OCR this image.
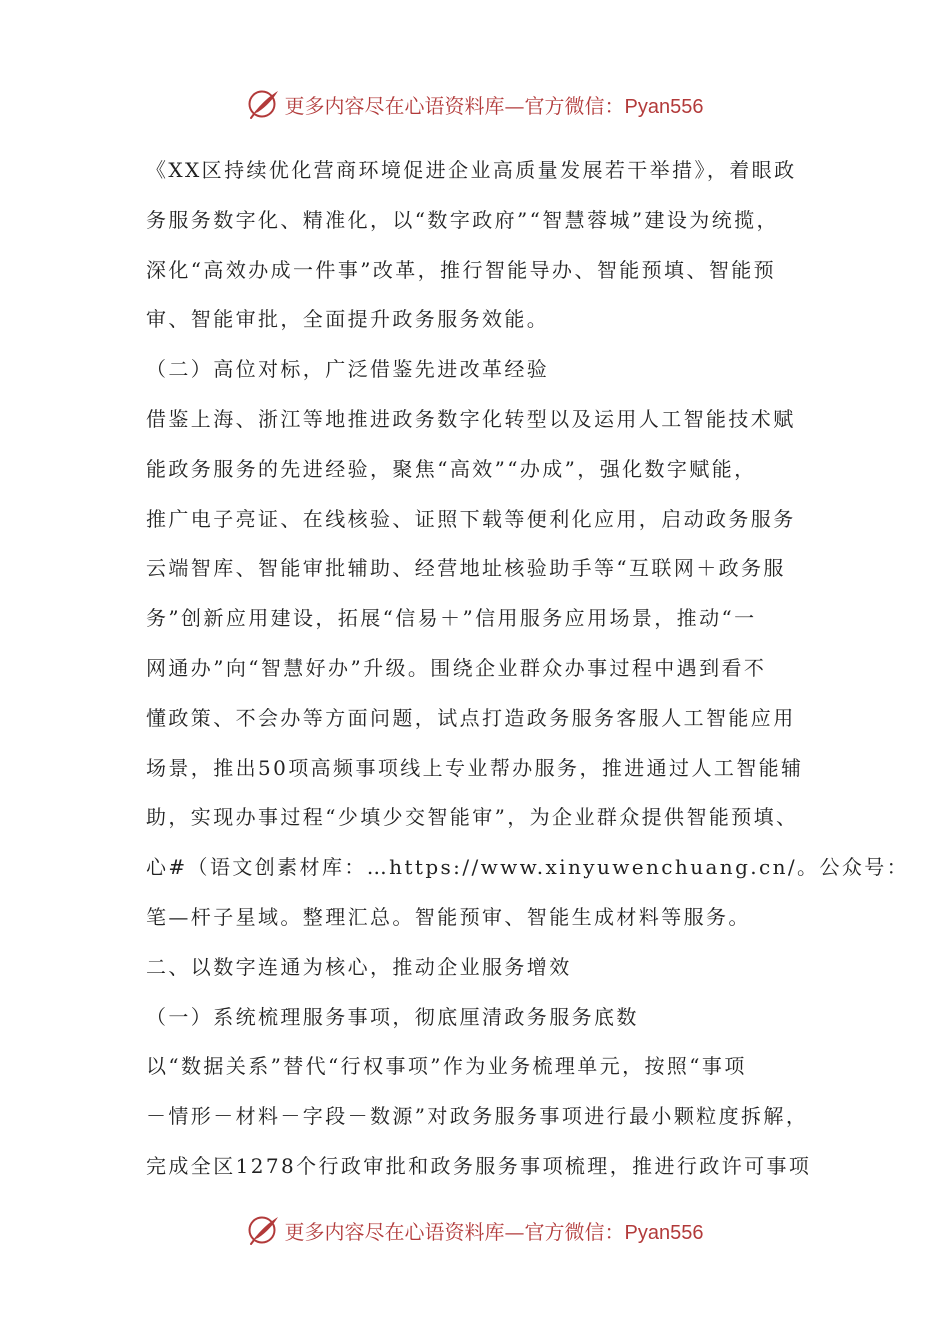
更多内容尽在心语资料库—官方微信：Pyan556
《XX区持续优化营商环境促进企业高质量发展若干举措》，着眼政
务服务数字化、精准化，以“数字政府”“智慧蓉城”建设为统揽，
深化“高效办成一件事”改革，推行智能导办、智能预填、智能预
审、智能审批，全面提升政务服务效能。
（二）高位对标，广泛借鉴先进改革经验
借鉴上海、浙江等地推进政务数字化转型以及运用人工智能技术赋
能政务服务的先进经验，聚焦“高效”“办成”，强化数字赋能，
推广电子亮证、在线核验、证照下载等便利化应用，启动政务服务
云端智库、智能审批辅助、经营地址核验助手等“互联网＋政务服
务”创新应用建设，拓展“信易＋”信用服务应用场景，推动“一
网通办”向“智慧好办”升级。围绕企业群众办事过程中遇到看不
懂政策、不会办等方面问题，试点打造政务服务客服人工智能应用
场景，推出50项高频事项线上专业帮办服务，推进通过人工智能辅
助，实现办事过程“少填少交智能审”，为企业群众提供智能预填、
心#（语文创素材库：…https://www.xinyuwenchuang.cn/。公众号：
笔—杆子星域。整理汇总。智能预审、智能生成材料等服务。
二、以数字连通为核心，推动企业服务增效
（一）系统梳理服务事项，彻底厘清政务服务底数
以“数据关系”替代“行权事项”作为业务梳理单元，按照“事项
－情形－材料－字段－数源”对政务服务事项进行最小颗粒度拆解，
完成全区1278个行政审批和政务服务事项梳理，推进行政许可事项
更多内容尽在心语资料库—官方微信：Pyan556
